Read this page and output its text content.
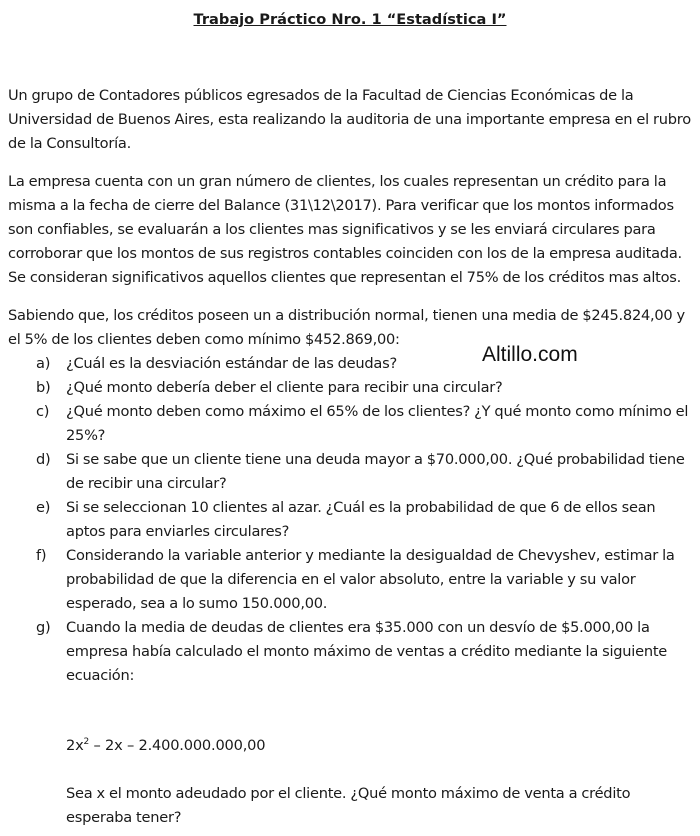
Trabajo Práctico Nro. 1 “Estadística I”

Un grupo de Contadores públicos egresados de la Facultad de Ciencias Económicas de la Universidad de Buenos Aires, esta realizando la auditoria de una importante empresa en el rubro de la Consultoría.

La empresa cuenta con un gran número de clientes, los cuales representan un crédito para la misma a la fecha de cierre del Balance (31\12\2017). Para verificar que los montos informados son confiables, se evaluarán a los clientes mas significativos y se les enviará circulares para corroborar que los montos de sus registros contables coinciden con los de la empresa auditada. Se consideran significativos aquellos clientes que representan el 75% de los créditos mas altos.

Sabiendo que, los créditos poseen un a distribución normal, tienen una media de $245.824,00 y el 5% de los clientes deben como mínimo $452.869,00:

a) ¿Cuál es la desviación estándar de las deudas?
b) ¿Qué monto debería deber el cliente para recibir una circular?
c) ¿Qué monto deben como máximo el 65% de los clientes? ¿Y qué monto como mínimo el 25%?
d) Si se sabe que un cliente tiene una deuda mayor a $70.000,00. ¿Qué probabilidad tiene de recibir una circular?
e) Si se seleccionan 10 clientes al azar. ¿Cuál es la probabilidad de que 6 de ellos sean aptos para enviarles circulares?
f) Considerando la variable anterior y mediante la desigualdad de Chevyshev, estimar la probabilidad de que la diferencia en el valor absoluto, entre la variable y su valor esperado, sea a lo sumo 150.000,00.
g) Cuando la media de deudas de clientes era $35.000 con un desvío de $5.000,00 la empresa había calculado el monto máximo de ventas a crédito mediante la siguiente ecuación:

$2x^2 - 2x - 2.400.000.000,00$

Sea x el monto adeudado por el cliente. ¿Qué monto máximo de venta a crédito esperaba tener?

Altillo.com
